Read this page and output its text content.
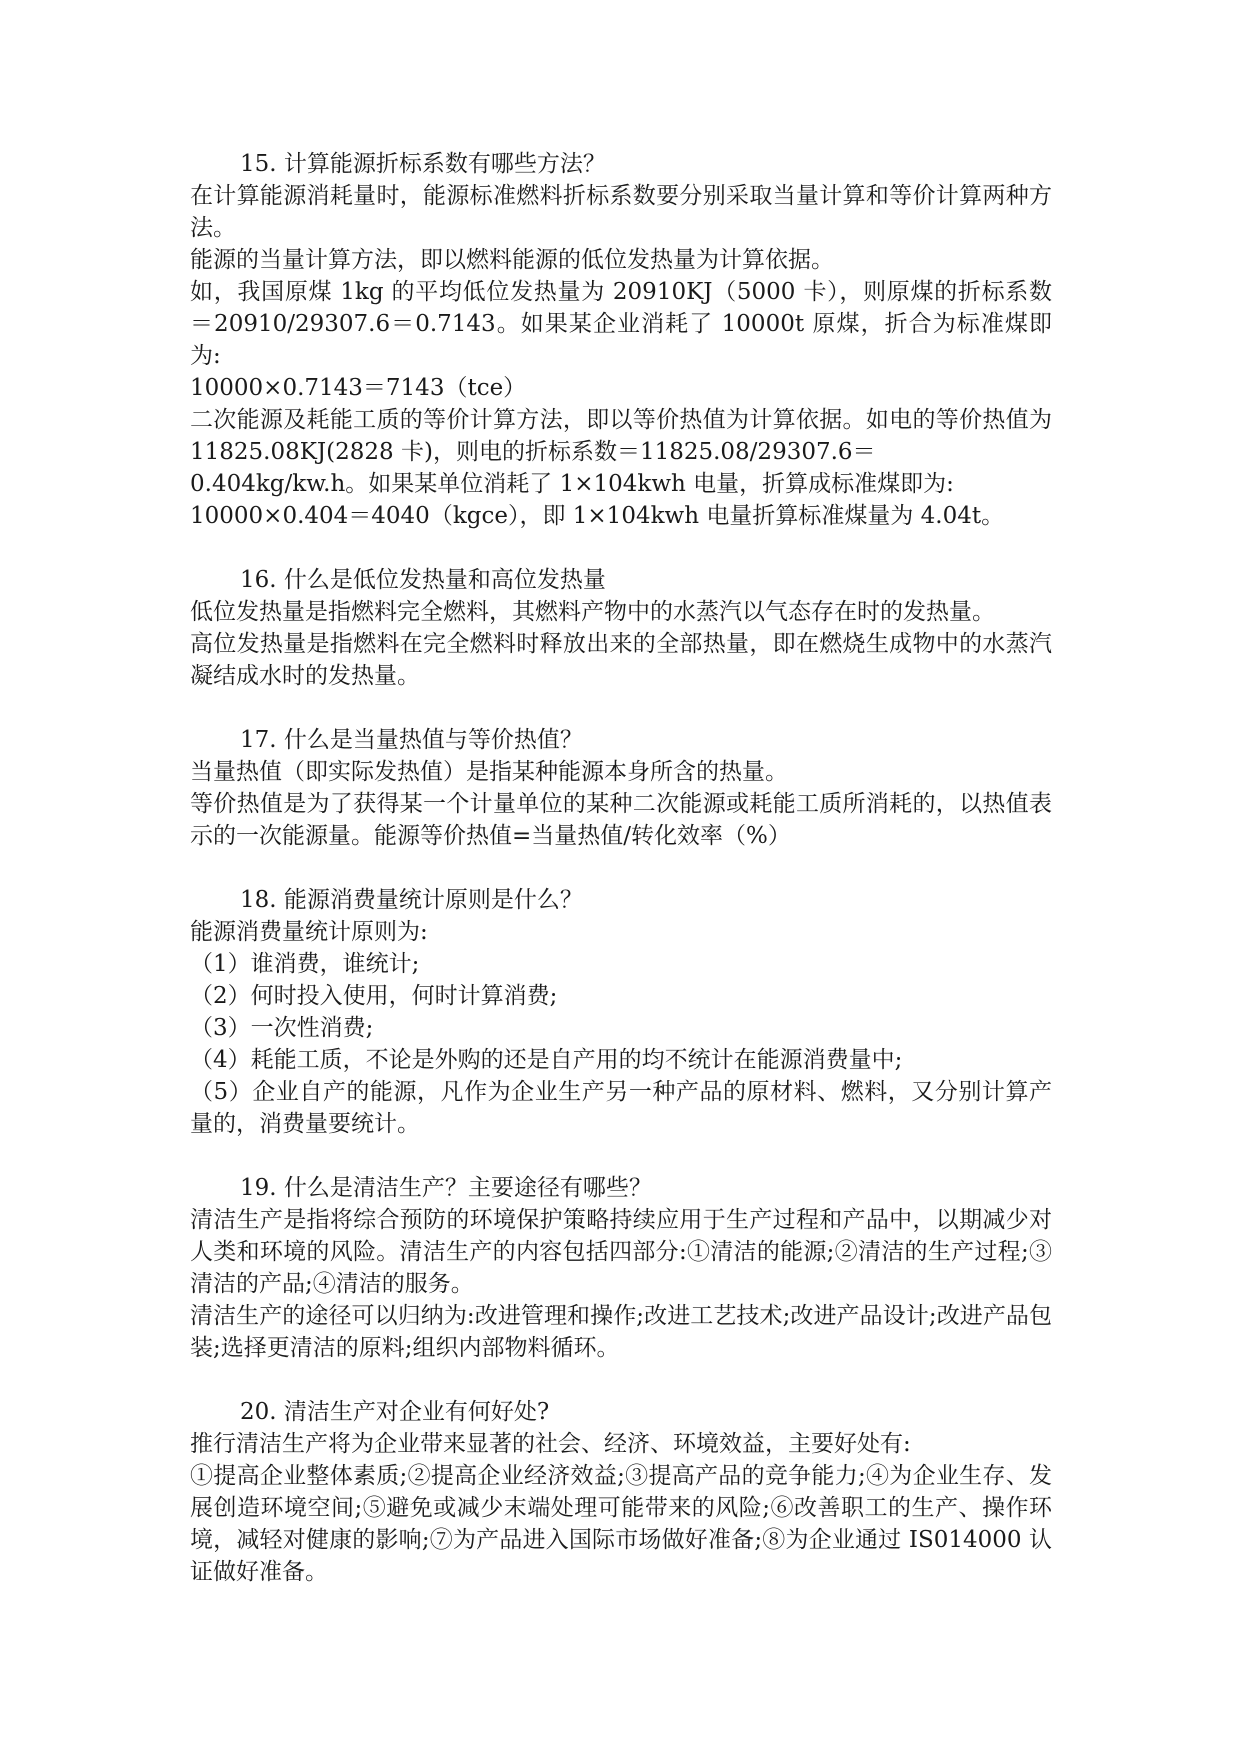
15. 计算能源折标系数有哪些方法？

在计算能源消耗量时，能源标准燃料折标系数要分别采取当量计算和等价计算两种方法。

能源的当量计算方法，即以燃料能源的低位发热量为计算依据。

如，我国原煤 1kg 的平均低位发热量为 20910KJ（5000 卡），则原煤的折标系数＝20910/29307.6＝0.7143。如果某企业消耗了 10000t 原煤，折合为标准煤即为:

10000×0.7143＝7143（tce）

二次能源及耗能工质的等价计算方法，即以等价热值为计算依据。如电的等价热值为 11825.08KJ(2828 卡)，则电的折标系数＝11825.08/29307.6＝

0.404kg/kw.h。如果某单位消耗了 1×104kwh 电量，折算成标准煤即为:

10000×0.404＝4040（kgce），即 1×104kwh 电量折算标准煤量为 4.04t。

16. 什么是低位发热量和高位发热量

低位发热量是指燃料完全燃料，其燃料产物中的水蒸汽以气态存在时的发热量。

高位发热量是指燃料在完全燃料时释放出来的全部热量，即在燃烧生成物中的水蒸汽凝结成水时的发热量。

17. 什么是当量热值与等价热值？

当量热值（即实际发热值）是指某种能源本身所含的热量。

等价热值是为了获得某一个计量单位的某种二次能源或耗能工质所消耗的，以热值表示的一次能源量。能源等价热值=当量热值/转化效率（%）

18. 能源消费量统计原则是什么？

能源消费量统计原则为:

（1）谁消费，谁统计;

（2）何时投入使用，何时计算消费;

（3）一次性消费;

（4）耗能工质，不论是外购的还是自产用的均不统计在能源消费量中;

（5）企业自产的能源，凡作为企业生产另一种产品的原材料、燃料，又分别计算产量的，消费量要统计。

19. 什么是清洁生产？主要途径有哪些？

清洁生产是指将综合预防的环境保护策略持续应用于生产过程和产品中，以期减少对人类和环境的风险。清洁生产的内容包括四部分:①清洁的能源;②清洁的生产过程;③清洁的产品;④清洁的服务。

清洁生产的途径可以归纳为:改进管理和操作;改进工艺技术;改进产品设计;改进产品包装;选择更清洁的原料;组织内部物料循环。

20. 清洁生产对企业有何好处?

推行清洁生产将为企业带来显著的社会、经济、环境效益，主要好处有:

①提高企业整体素质;②提高企业经济效益;③提高产品的竞争能力;④为企业生存、发展创造环境空间;⑤避免或减少末端处理可能带来的风险;⑥改善职工的生产、操作环境，减轻对健康的影响;⑦为产品进入国际市场做好准备;⑧为企业通过 IS014000 认证做好准备。
